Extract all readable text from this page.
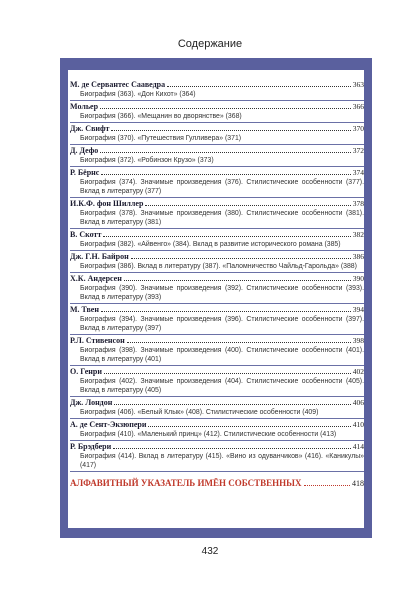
Содержание
М. де Сервантес Сааведра	363
Биография (363). «Дон Кихот» (364)
Мольер	366
Биография (366). «Мещанин во дворянстве» (368)
Дж. Свифт	370
Биография (370). «Путешествия Гулливера» (371)
Д. Дефо	372
Биография (372). «Робинзон Крузо» (373)
Р. Бёрнс	374
Биография (374). Значимые произведения (376). Стилистические особенности (377). Вклад в литературу (377)
И.К.Ф. фон Шиллер	378
Биография (378). Значимые произведения (380). Стилистические особенности (381). Вклад в литературу (381)
В. Скотт	382
Биография (382). «Айвенго» (384). Вклад в развитие исторического романа (385)
Дж. Г.Н. Байрон	386
Биография (386). Вклад в литературу (387). «Паломничество Чайльд-Гарольда» (388)
Х.К. Андерсен	390
Биография (390). Значимые произведения (392). Стилистические особенности (393). Вклад в литературу (393)
М. Твен	394
Биография (394). Значимые произведения (396). Стилистические особенности (397). Вклад в литературу (397)
Р.Л. Стивенсон	398
Биография (398). Значимые произведения (400). Стилистические особенности (401). Вклад в литературу (401)
О. Генри	402
Биография (402). Значимые произведения (404). Стилистические особенности (405). Вклад в литературу (405)
Дж. Лондон	406
Биография (406). «Белый Клык» (408). Стилистические особенности (409)
А. де Сент-Экзюпери	410
Биография (410). «Маленький принц» (412). Стилистические особенности (413)
Р. Брэдбери	414
Биография (414). Вклад в литературу (415). «Вино из одуванчиков» (416). «Каникулы» (417)
АЛФАВИТНЫЙ УКАЗАТЕЛЬ ИМЁН СОБСТВЕННЫХ	418
432
